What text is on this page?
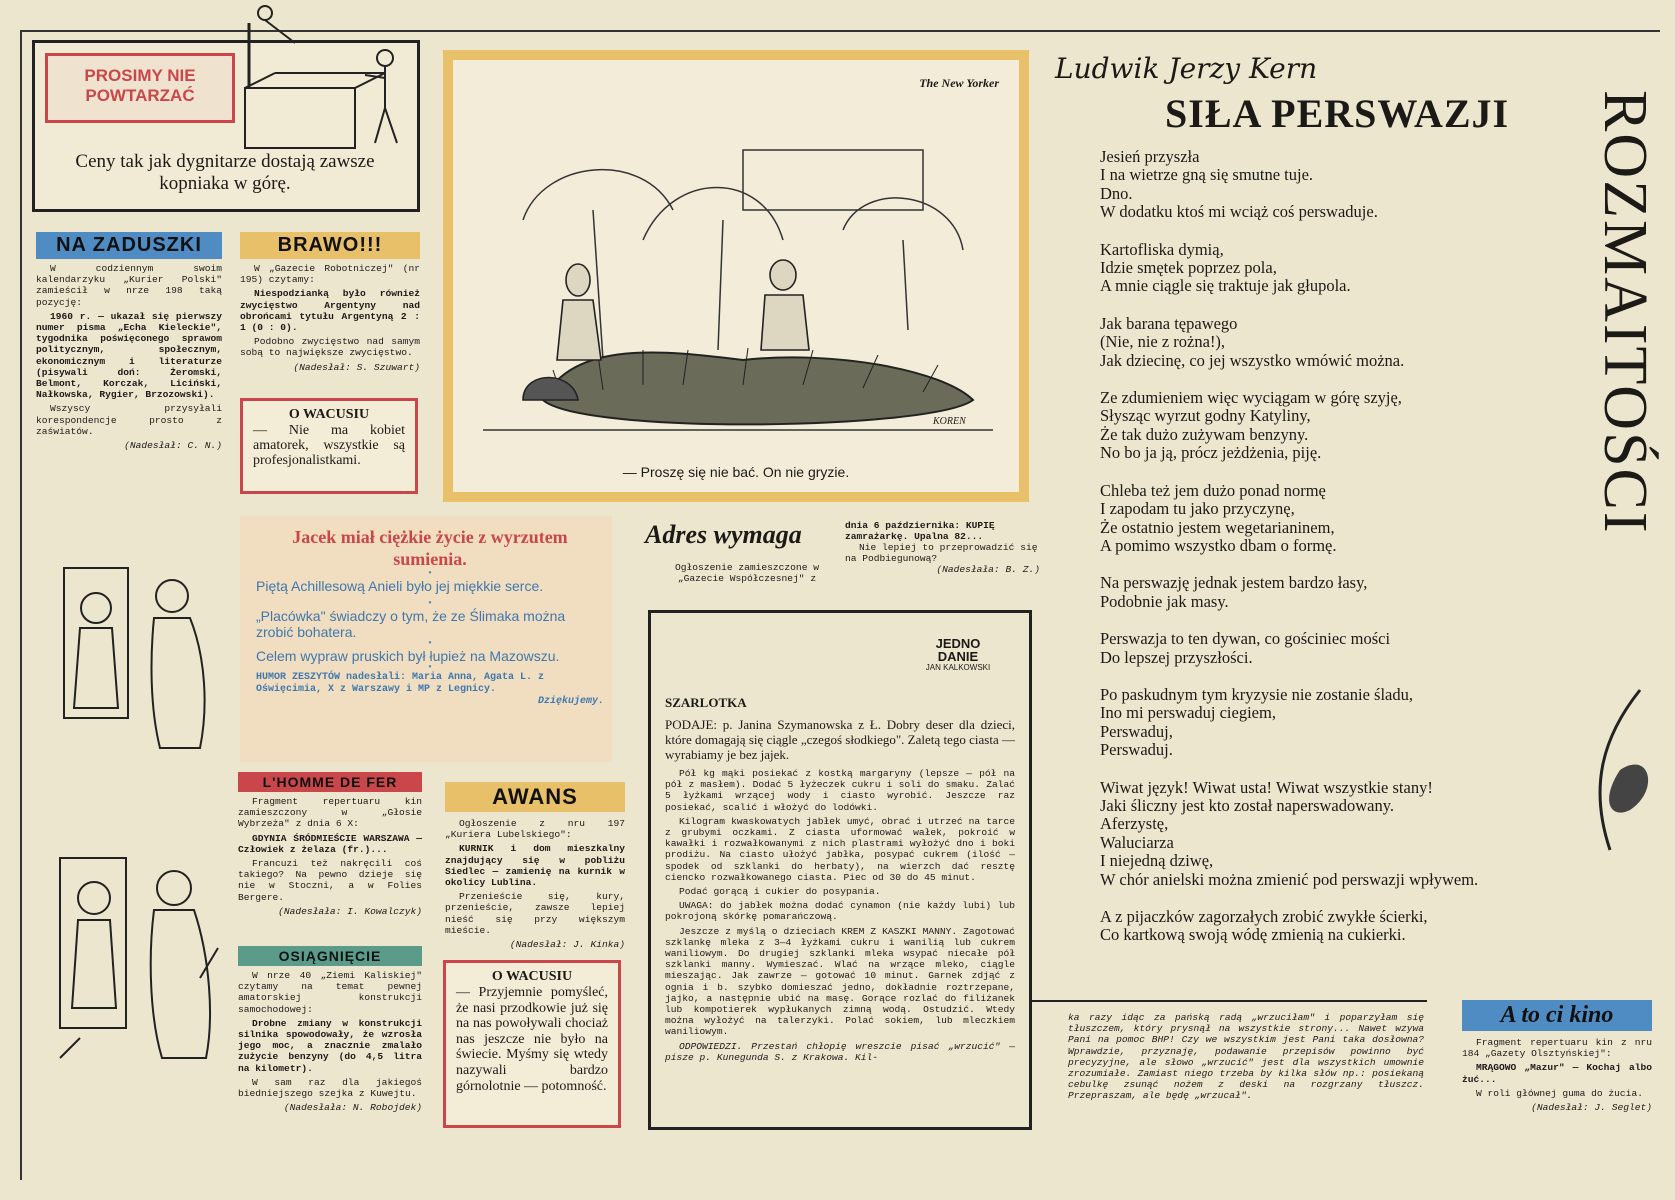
PROSIMY NIE
POWTARZAĆ
Ceny tak jak dygnitarze dostają zawsze kopniaka w górę.
NA ZADUSZKI

W codziennym swoim kalendarzyku „Kurier Polski" zamieścił w nrze 198 taką pozycję:

1960 r. — ukazał się pierwszy numer pisma „Echa Kieleckie", tygodnika poświęconego sprawom politycznym, społecznym, ekonomicznym i literaturze (pisywali doń: Żeromski, Belmont, Korczak, Liciński, Nałkowska, Rygier, Brzozowski).

Wszyscy przysyłali korespondencje prosto z zaświatów.

(Nadesłał: C. N.)

BRAWO!!!

W „Gazecie Robotniczej" (nr 195) czytamy:

Niespodzianką było również zwycięstwo Argentyny nad obrońcami tytułu Argentyną 2 : 1 (0 : 0).

Podobno zwycięstwo nad samym sobą to największe zwycięstwo.

(Nadesłał: S. Szuwart)

O WACUSIU
— Nie ma kobiet amatorek, wszystkie są profesjonalistkami.
The New Yorker
KOREN
— Proszę się nie bać. On nie gryzie.
Jacek miał ciężkie życie z wyrzutem sumienia.
•
Piętą Achillesową Anieli było jej miękkie serce.
•
„Placówka" świadczy o tym, że ze Ślimaka można zrobić bohatera.
•
Celem wypraw pruskich był łupież na Mazowszu.
•
HUMOR ZESZYTÓW nadesłali: Maria Anna, Agata L. z Oświęcimia, X z Warszawy i MP z Legnicy.
Dziękujemy.
L'HOMME DE FER

Fragment repertuaru kin zamieszczony w „Głosie Wybrzeża" z dnia 6 X:

GDYNIA ŚRÓDMIEŚCIE WARSZAWA — Człowiek z żelaza (fr.)...

Francuzi też nakręcili coś takiego? Na pewno dzieje się nie w Stoczni, a w Folies Bergere.

(Nadesłała: I. Kowalczyk)

OSIĄGNIĘCIE

W nrze 40 „Ziemi Kaliskiej" czytamy na temat pewnej amatorskiej konstrukcji samochodowej:

Drobne zmiany w konstrukcji silnika spowodowały, że wzrosła jego moc, a znacznie zmalało zużycie benzyny (do 4,5 litra na kilometr).

W sam raz dla jakiegoś biedniejszego szejka z Kuwejtu.

(Nadesłała: N. Robojdek)

AWANS

Ogłoszenie z nru 197 „Kuriera Lubelskiego":

KURNIK i dom mieszkalny znajdujący się w pobliżu Siedlec — zamienię na kurnik w okolicy Lublina.

Przenieście się, kury, przenieście, zawsze lepiej nieść się przy większym mieście.

(Nadesłał: J. Kinka)

O WACUSIU
— Przyjemnie pomyśleć, że nasi przodkowie już się na nas powoływali chociaż nas jeszcze nie było na świecie. Myśmy się wtedy nazywali bardzo górnolotnie — potomność.
Adres wymaga
Ogłoszenie zamieszczone w „Gazecie Współczesnej" z
dnia 6 października: KUPIĘ zamrażarkę. Upalna 82...
Nie lepiej to przeprowadzić się na Podbiegunową?
(Nadesłała: B. Z.)
JEDNO
DANIE
JAN KALKOWSKI
SZARLOTKA
PODAJE: p. Janina Szymanowska z Ł. Dobry deser dla dzieci, które domagają się ciągle „czegoś słodkiego". Zaletą tego ciasta — wyrabiamy je bez jajek.

Pół kg mąki posiekać z kostką margaryny (lepsze — pół na pół z masłem). Dodać 5 łyżeczek cukru i soli do smaku. Zalać 5 łyżkami wrzącej wody i ciasto wyrobić. Jeszcze raz posiekać, scalić i włożyć do lodówki.

Kilogram kwaskowatych jabłek umyć, obrać i utrzeć na tarce z grubymi oczkami. Z ciasta uformować wałek, pokroić w kawałki i rozwałkowanymi z nich plastrami wyłożyć dno i boki prodiżu. Na ciasto ułożyć jabłka, posypać cukrem (ilość — spodek od szklanki do herbaty), na wierzch dać resztę ciencko rozwałkowanego ciasta. Piec od 30 do 45 minut.

Podać gorącą i cukier do posypania.

UWAGA: do jabłek można dodać cynamon (nie każdy lubi) lub pokrojoną skórkę pomarańczową.

Jeszcze z myślą o dzieciach KREM Z KASZKI MANNY. Zagotować szklankę mleka z 3—4 łyżkami cukru i wanilią lub cukrem waniliowym. Do drugiej szklanki mleka wsypać niecałe pół szklanki manny. Wymieszać. Wlać na wrzące mleko, ciągle mieszając. Jak zawrze — gotować 10 minut. Garnek zdjąć z ognia i b. szybko domieszać jedno, dokładnie roztrzepane, jajko, a następnie ubić na masę. Gorące rozlać do filiżanek lub kompotierek wypłukanych zimną wodą. Ostudzić. Wtedy można wyłożyć na talerzyki. Polać sokiem, lub mleczkiem waniliowym.

ODPOWIEDZI. Przestań chłopię wreszcie pisać „wrzucić" — pisze p. Kunegunda S. z Krakowa. Kil-

ka razy idąc za pańską radą „wrzuciłam" i poparzyłam się tłuszczem, który prysnął na wszystkie strony... Nawet wzywa Pani na pomoc BHP! Czy we wszystkim jest Pani taka dosłowna? Wprawdzie, przyznaję, podawanie przepisów powinno być precyzyjne, ale słowo „wrzucić" jest dla wszystkich umownie zrozumiałe. Zamiast niego trzeba by kilka słów np.: posiekaną cebulkę zsunąć nożem z deski na rozgrzany tłuszcz. Przepraszam, ale będę „wrzucał".
Ludwik Jerzy Kern
SIŁA PERSWAZJI

Jesień przyszła
I na wietrze gną się smutne tuje.
Dno.
W dodatku ktoś mi wciąż coś perswaduje.

Kartofliska dymią,
Idzie smętek poprzez pola,
A mnie ciągle się traktuje jak głupola.

Jak barana tępawego
(Nie, nie z rożna!),
Jak dziecinę, co jej wszystko wmówić można.

Ze zdumieniem więc wyciągam w górę szyję,
Słysząc wyrzut godny Katyliny,
Że tak dużo zużywam benzyny.
No bo ja ją, prócz jeżdżenia, piję.

Chleba też jem dużo ponad normę
I zapodam tu jako przyczynę,
Że ostatnio jestem wegetarianinem,
A pomimo wszystko dbam o formę.

Na perswazję jednak jestem bardzo łasy,
Podobnie jak masy.

Perswazja to ten dywan, co gościniec mości
Do lepszej przyszłości.

Po paskudnym tym kryzysie nie zostanie śladu,
Ino mi perswaduj ciegiem,
Perswaduj,
Perswaduj.

Wiwat język! Wiwat usta! Wiwat wszystkie stany!
Jaki śliczny jest kto został naperswadowany.
Aferzystę,
Waluciarza
I niejedną dziwę,
W chór anielski można zmienić pod perswazji wpływem.

A z pijaczków zagorzałych zrobić zwykłe ścierki,
Co kartkową swoją wódę zmienią na cukierki.

ROZMAITOŚCI
A to ci kino

Fragment repertuaru kin z nru 184 „Gazety Olsztyńskiej":

MRĄGOWO „Mazur" — Kochaj albo żuć...

W roli głównej guma do żucia.

(Nadesłał: J. Seglet)
